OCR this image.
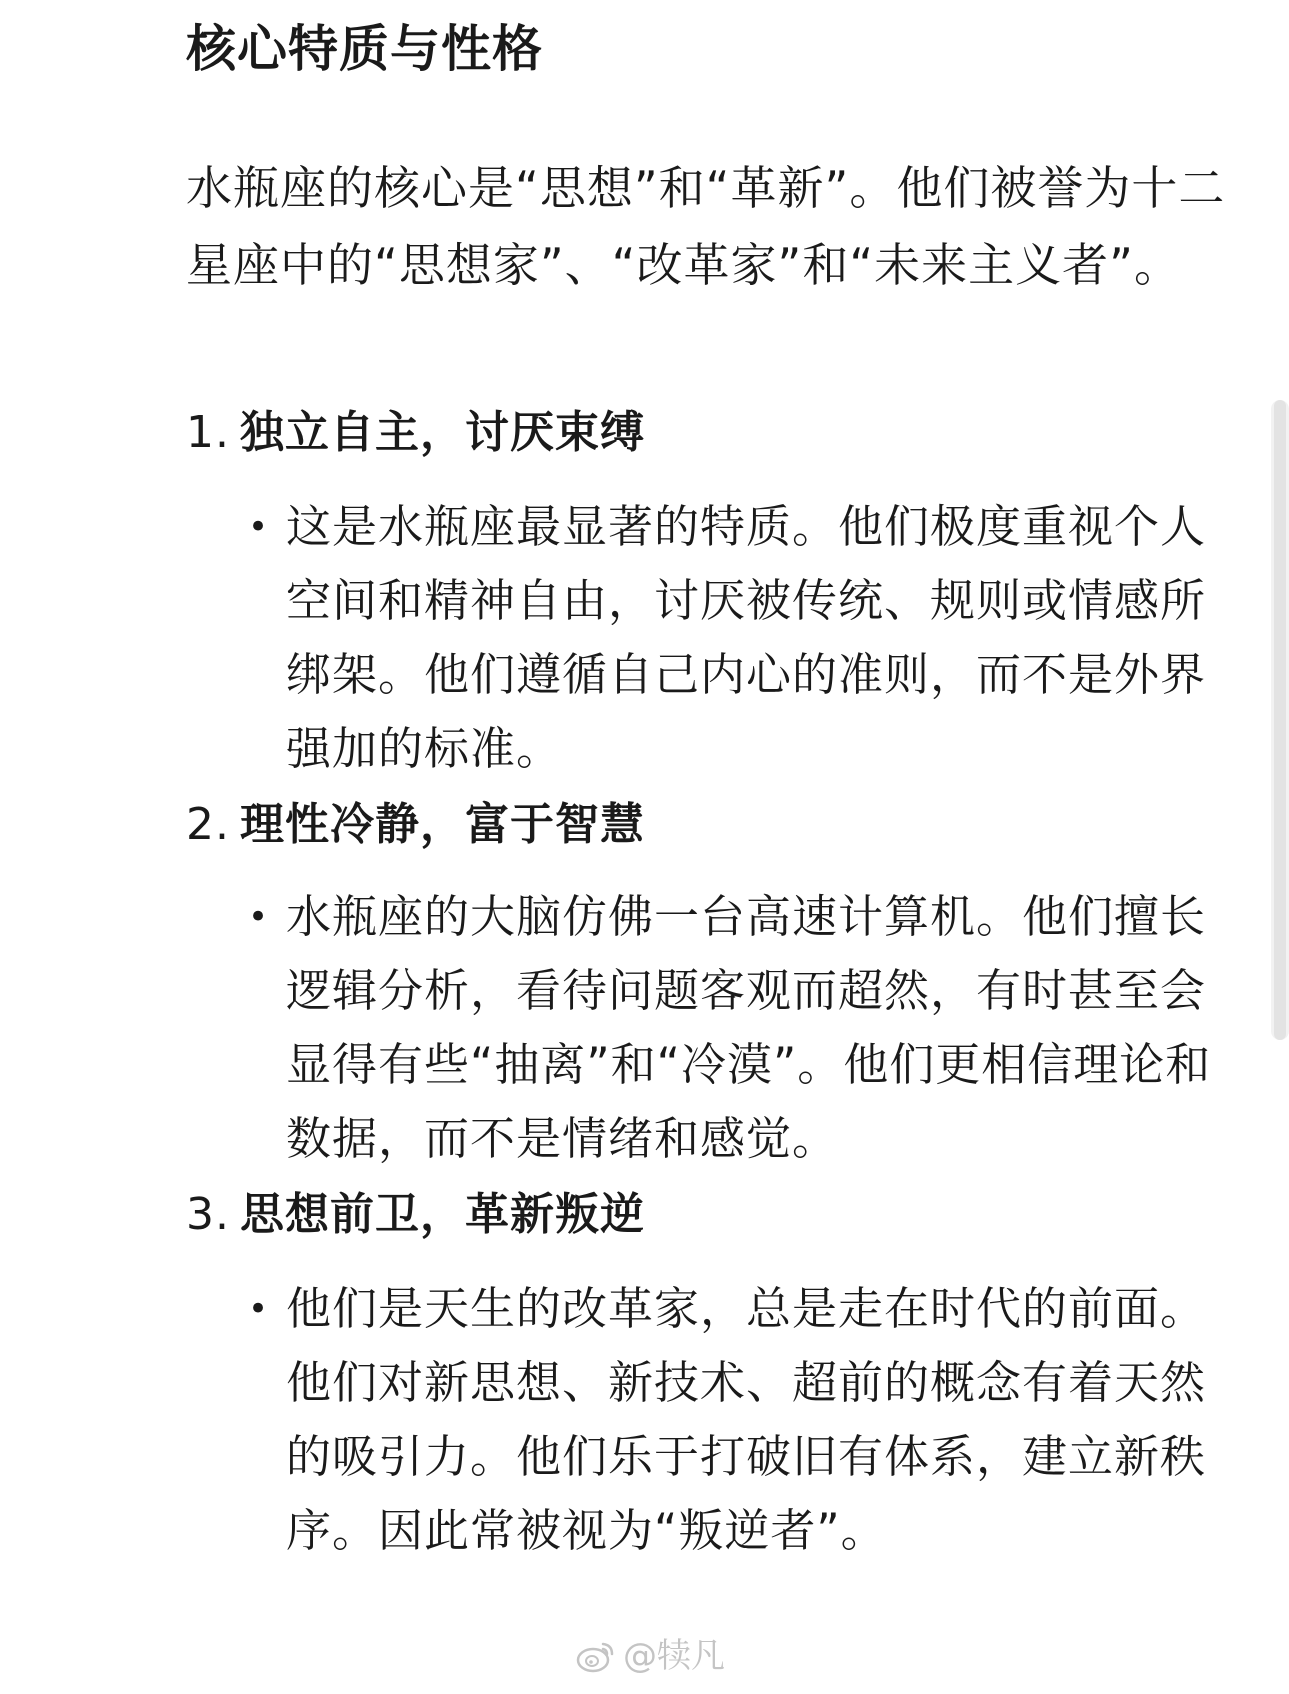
核心特质与性格

水瓶座的核心是“思想”和“革新”。他们被誉为十二星座中的“思想家”、“改革家”和“未来主义者”。

1. 独立自主，讨厌束缚
• 这是水瓶座最显著的特质。他们极度重视个人空间和精神自由，讨厌被传统、规则或情感所绑架。他们遵循自己内心的准则，而不是外界强加的标准。
2. 理性冷静，富于智慧
• 水瓶座的大脑仿佛一台高速计算机。他们擅长逻辑分析，看待问题客观而超然，有时甚至会显得有些“抽离”和“冷漠”。他们更相信理论和数据，而不是情绪和感觉。
3. 思想前卫，革新叛逆
• 他们是天生的改革家，总是走在时代的前面。他们对新思想、新技术、超前的概念有着天然的吸引力。他们乐于打破旧有体系，建立新秩序。因此常被视为“叛逆者”。
@犊凡
